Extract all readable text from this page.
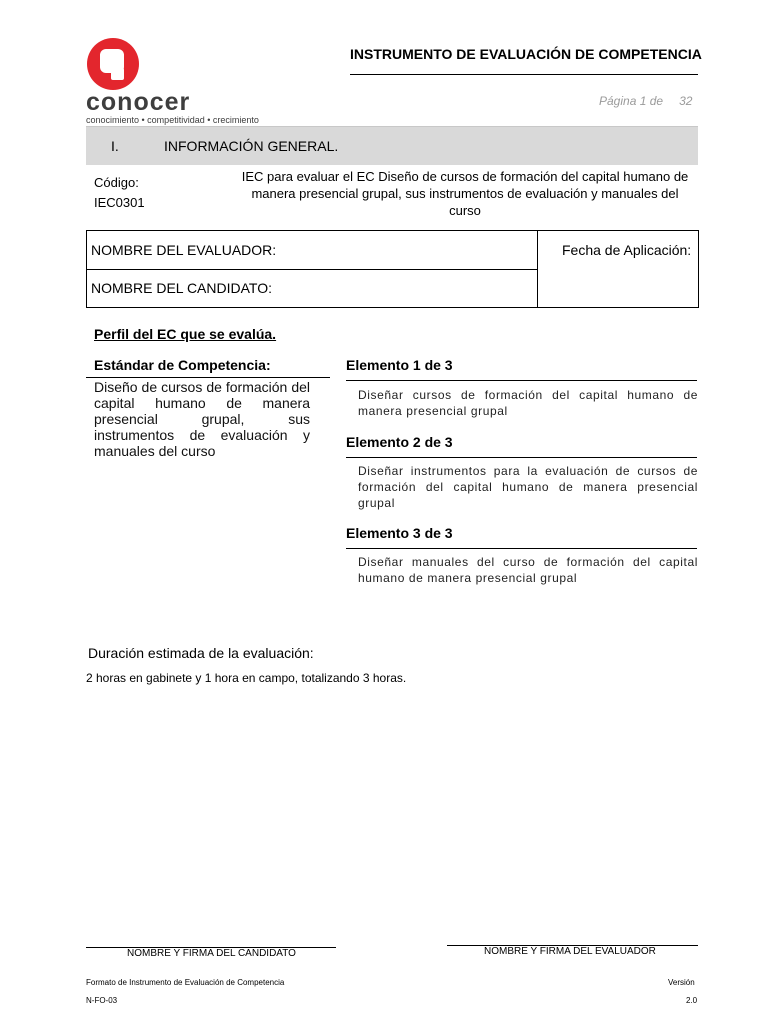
conocer
conocimiento • competitividad • crecimiento
INSTRUMENTO DE EVALUACIÓN DE COMPETENCIA
Página 1 de 32
I.	INFORMACIÓN GENERAL.
Código:
IEC0301
IEC para evaluar el EC Diseño de cursos de formación del capital humano de manera presencial grupal, sus instrumentos de evaluación y manuales del curso
NOMBRE DEL EVALUADOR:
NOMBRE DEL CANDIDATO:
Fecha de Aplicación:
Perfil del EC que se evalúa.
Estándar de Competencia:
Diseño de cursos de formación del capital humano de manera presencial grupal, sus instrumentos de evaluación y manuales del curso
Elemento 1 de 3
Diseñar cursos de formación del capital humano de manera presencial grupal
Elemento 2 de 3
Diseñar instrumentos para la evaluación de cursos de formación del capital humano de manera presencial grupal
Elemento 3 de 3
Diseñar manuales del curso de formación del capital humano de manera presencial grupal
Duración estimada de la evaluación:
2 horas en gabinete y 1 hora en campo, totalizando 3 horas.
NOMBRE Y FIRMA DEL CANDIDATO	NOMBRE Y FIRMA DEL EVALUADOR
Formato de Instrumento de Evaluación de Competencia
N-FO-03
Versión
2.0
